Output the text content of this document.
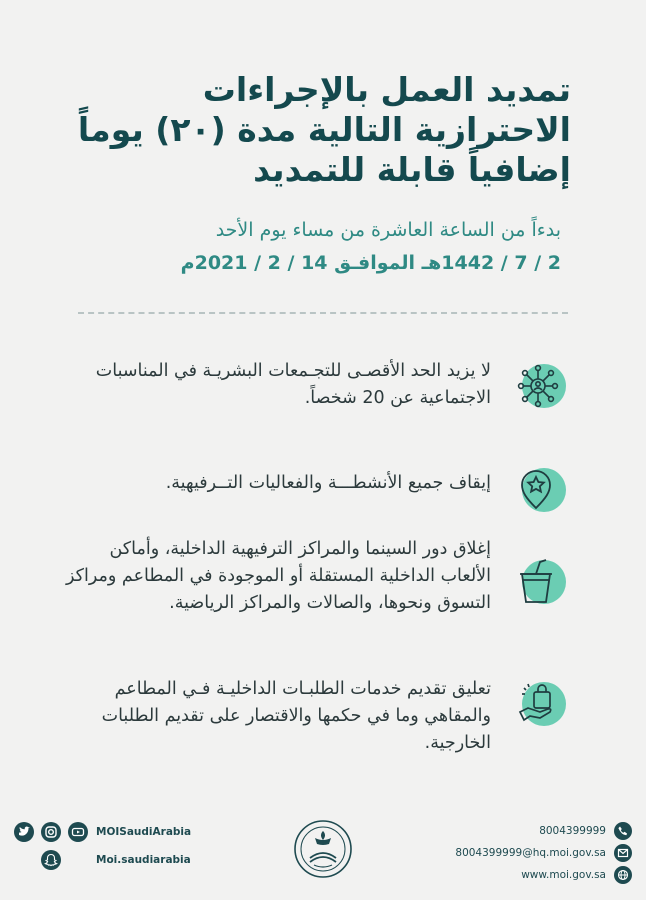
تمديد العمل بالإجراءات الاحترازية التالية مدة (٢٠) يوماً إضافياً قابلة للتمديد
بدءاً من الساعة العاشرة من مساء يوم الأحد
2 / 7 / 1442هـ الموافـق 14 / 2 / 2021م

لا يزيد الحد الأقصـى للتجـمعات البشريـة في المناسبات الاجتماعية عن 20 شخصاً.

إيقاف جميع الأنشطـــة والفعاليات التــرفيهية.

إغلاق دور السينما والمراكز الترفيهية الداخلية، وأماكن الألعاب الداخلية المستقلة أو الموجودة في المطاعم ومراكز التسوق ونحوها، والصالات والمراكز الرياضية.

تعليق تقديم خدمات الطلبـات الداخليـة فـي المطاعم والمقاهي وما في حكمها والاقتصار على تقديم الطلبات الخارجية.

MOISaudiArabia
Moi.saudiarabia
8004399999
8004399999@hq.moi.gov.sa
www.moi.gov.sa
